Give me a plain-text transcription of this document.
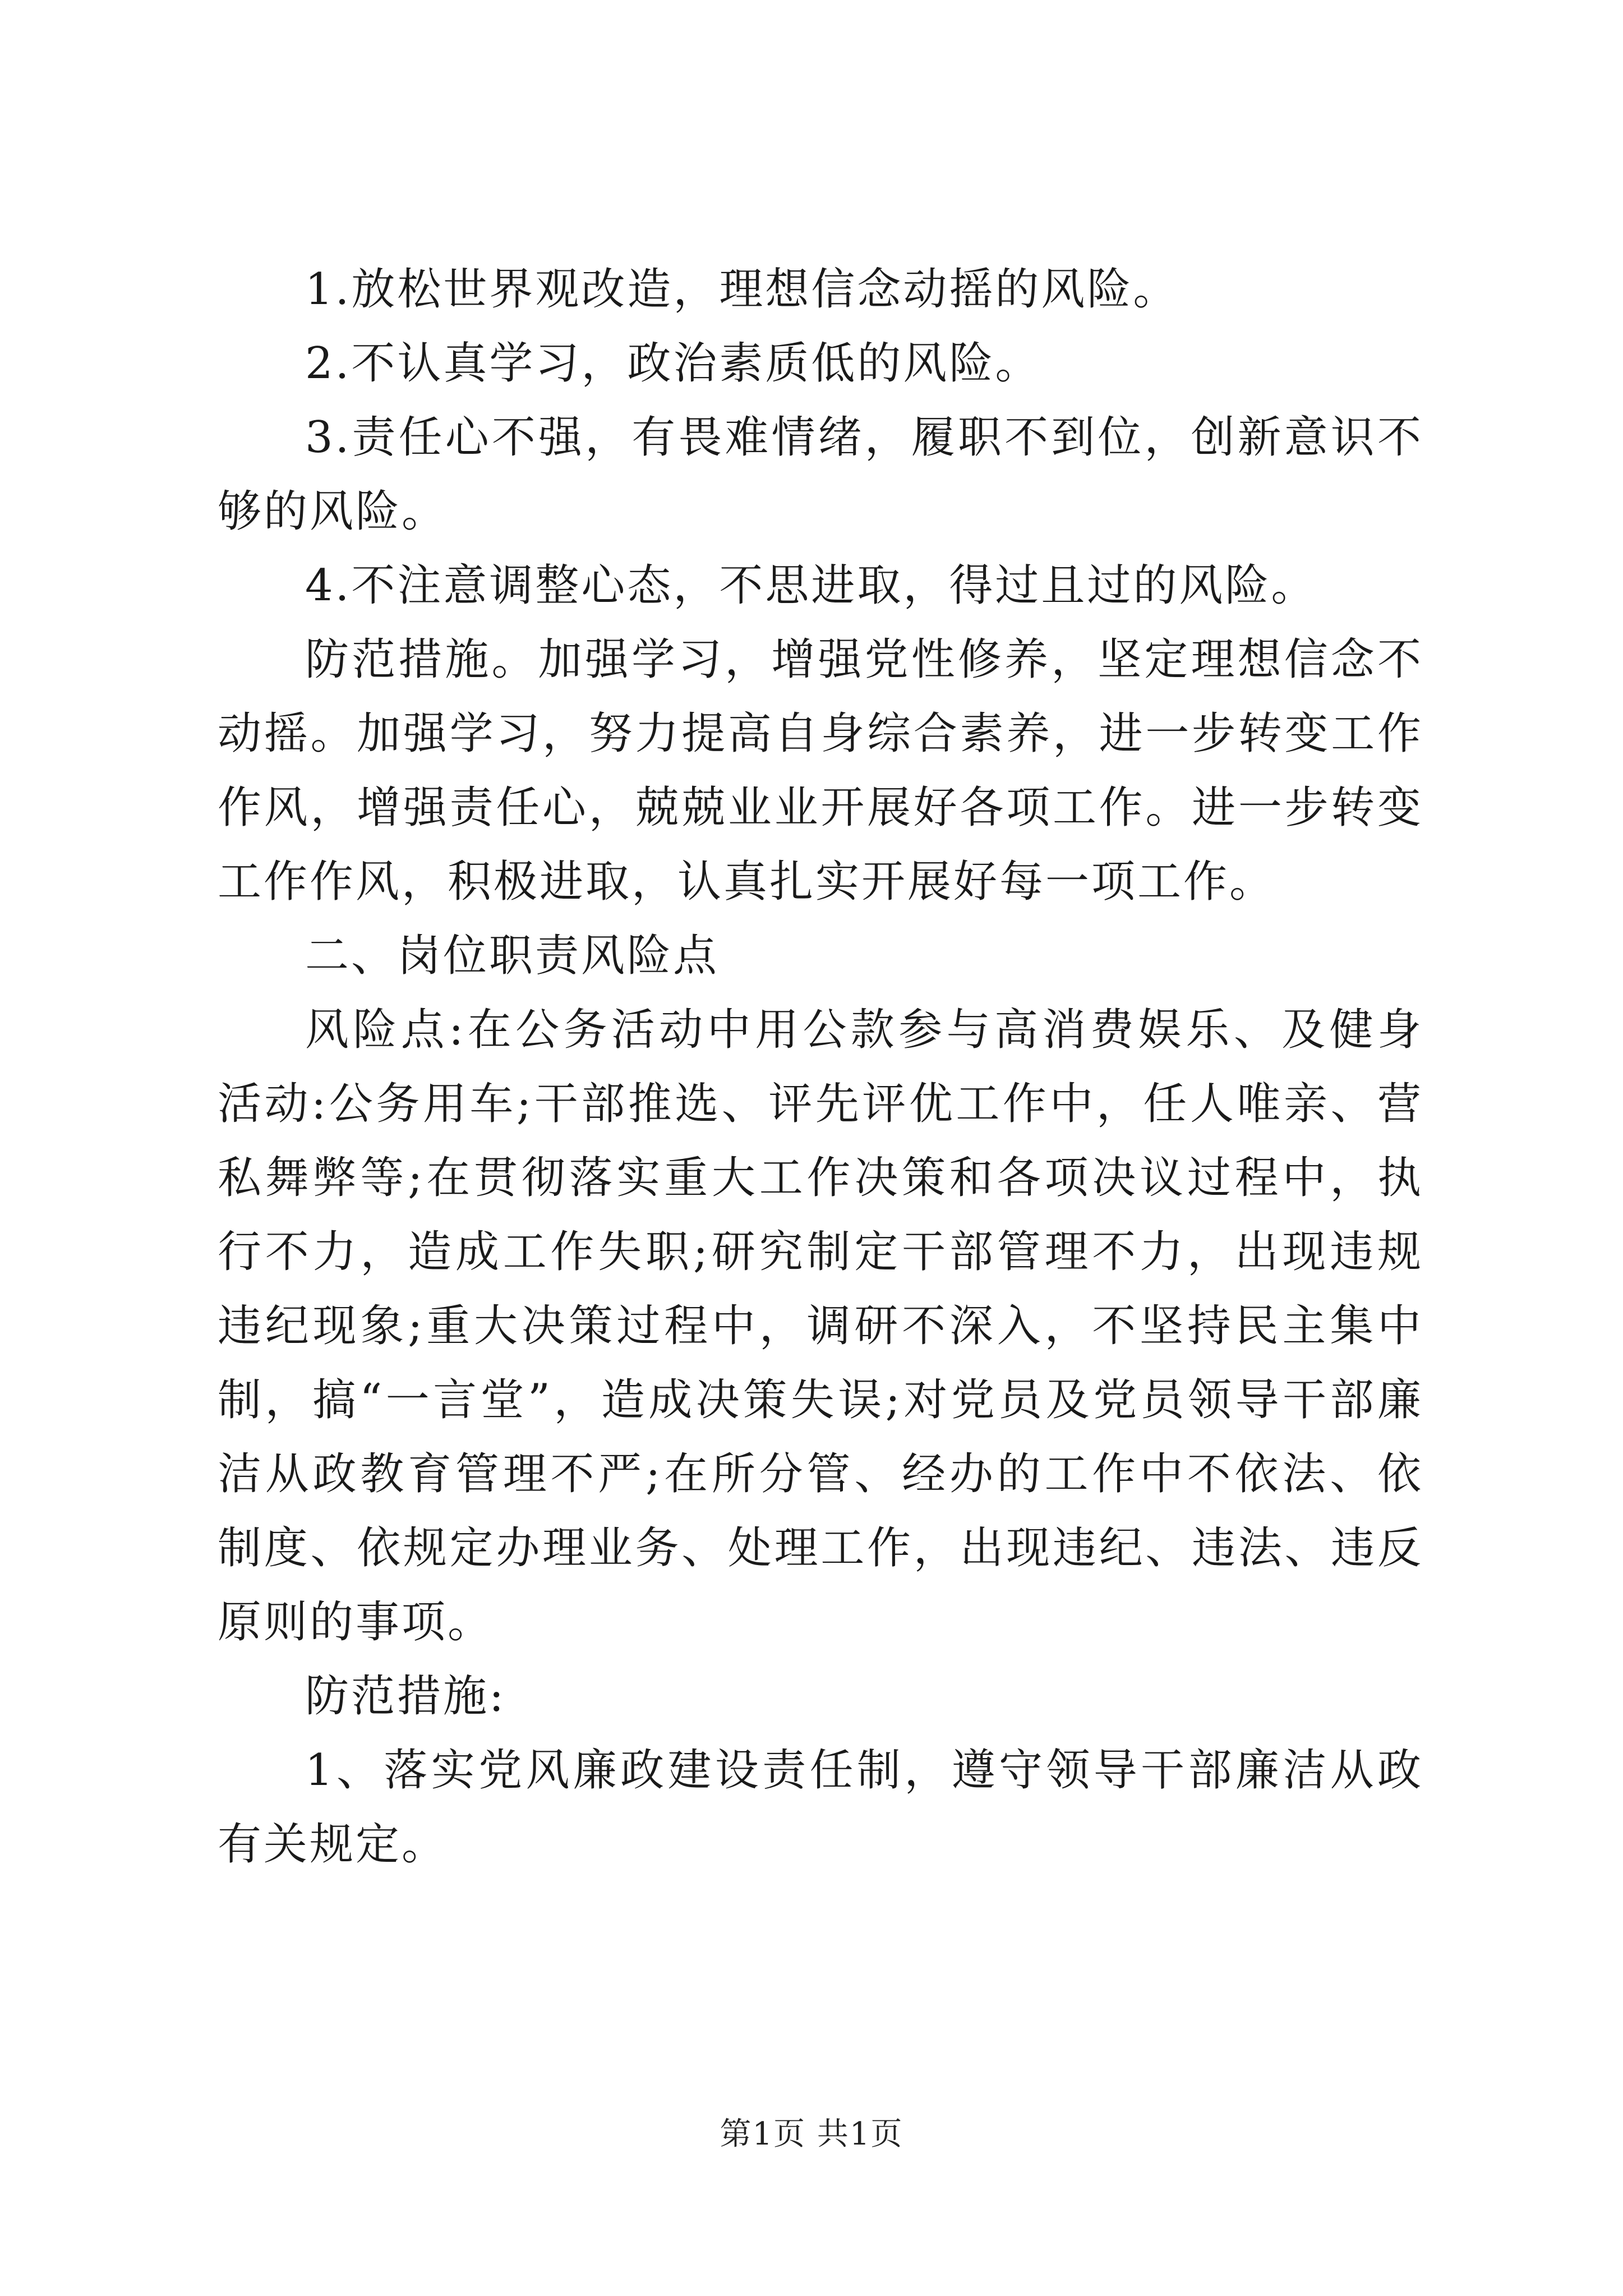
1.放松世界观改造，理想信念动摇的风险。

2.不认真学习，政治素质低的风险。

3.责任心不强，有畏难情绪，履职不到位，创新意识不够的风险。

4.不注意调整心态，不思进取，得过且过的风险。

防范措施。加强学习，增强党性修养，坚定理想信念不动摇。加强学习，努力提高自身综合素养，进一步转变工作作风，增强责任心，兢兢业业开展好各项工作。进一步转变工作作风，积极进取，认真扎实开展好每一项工作。

二、岗位职责风险点

风险点:在公务活动中用公款参与高消费娱乐、及健身活动:公务用车;干部推选、评先评优工作中，任人唯亲、营私舞弊等;在贯彻落实重大工作决策和各项决议过程中，执行不力，造成工作失职;研究制定干部管理不力，出现违规违纪现象;重大决策过程中，调研不深入，不坚持民主集中制，搞“一言堂”，造成决策失误;对党员及党员领导干部廉洁从政教育管理不严;在所分管、经办的工作中不依法、依制度、依规定办理业务、处理工作，出现违纪、违法、违反原则的事项。

防范措施:

1、落实党风廉政建设责任制，遵守领导干部廉洁从政有关规定。

第1页 共1页
